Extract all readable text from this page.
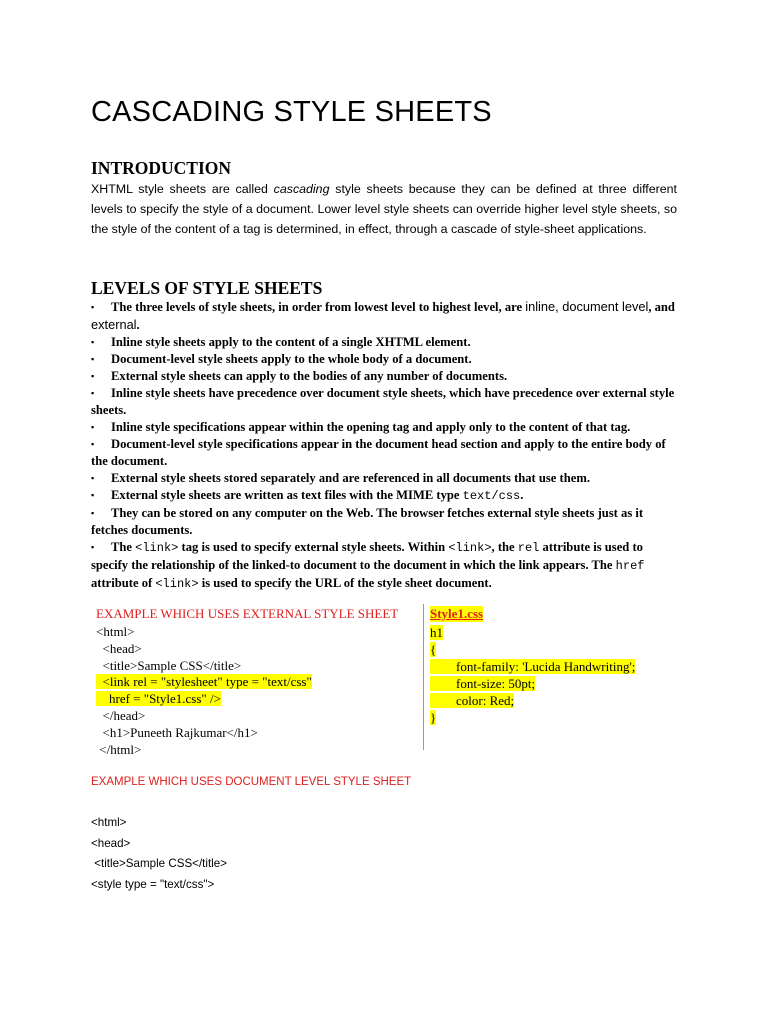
CASCADING STYLE SHEETS
INTRODUCTION
XHTML style sheets are called cascading style sheets because they can be defined at three different levels to specify the style of a document. Lower level style sheets can override higher level style sheets, so the style of the content of a tag is determined, in effect, through a cascade of style-sheet applications.
LEVELS OF STYLE SHEETS
▪ The three levels of style sheets, in order from lowest level to highest level, are inline, document level, and external.
▪ Inline style sheets apply to the content of a single XHTML element.
▪ Document-level style sheets apply to the whole body of a document.
▪ External style sheets can apply to the bodies of any number of documents.
▪ Inline style sheets have precedence over document style sheets, which have precedence over external style sheets.
▪ Inline style specifications appear within the opening tag and apply only to the content of that tag.
▪ Document-level style specifications appear in the document head section and apply to the entire body of the document.
▪ External style sheets stored separately and are referenced in all documents that use them.
▪ External style sheets are written as text files with the MIME type text/css.
▪ They can be stored on any computer on the Web. The browser fetches external style sheets just as it fetches documents.
▪ The <link> tag is used to specify external style sheets. Within <link>, the rel attribute is used to specify the relationship of the linked-to document to the document in which the link appears. The href attribute of <link> is used to specify the URL of the style sheet document.
EXAMPLE WHICH USES EXTERNAL STYLE SHEET
<html>
<head>
<title>Sample CSS</title>
<link rel = "stylesheet" type = "text/css"
href = "Style1.css" />
</head>
<h1>Puneeth Rajkumar</h1>
</html>
Style1.css
h1
{
		font-family: 'Lucida Handwriting';
		font-size: 50pt;
		color: Red;
}
EXAMPLE WHICH USES DOCUMENT LEVEL STYLE SHEET
<html>
<head>
<title>Sample CSS</title>
<style type = "text/css">
